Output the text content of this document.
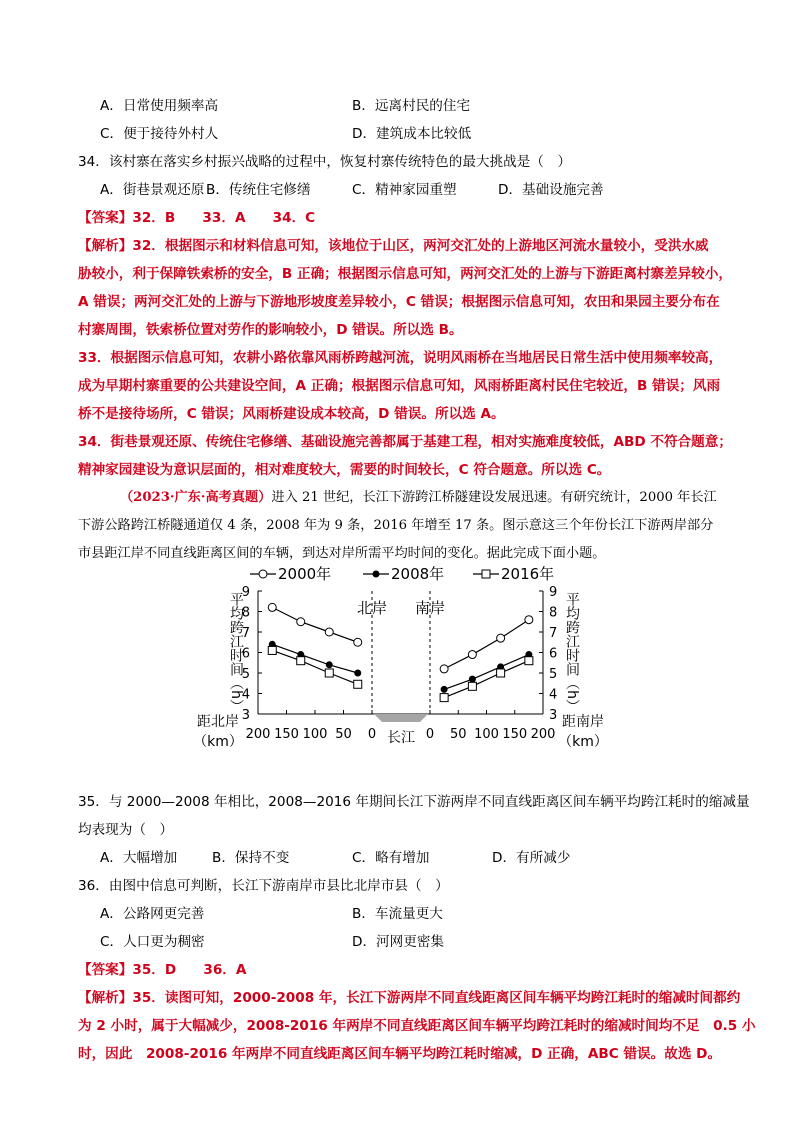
A．日常使用频率高	B．远离村民的住宅
C．便于接待外村人	D．建筑成本比较低
34．该村寨在落实乡村振兴战略的过程中，恢复村寨传统特色的最大挑战是（　）
A．街巷景观还原 B．传统住宅修缮	C．精神家园重塑	D．基础设施完善
【答案】32．B　　33．A　　34．C
【解析】32．根据图示和材料信息可知，该地位于山区，两河交汇处的上游地区河流水量较小，受洪水威
胁较小，利于保障铁索桥的安全，B 正确；根据图示信息可知，两河交汇处的上游与下游距离村寨差异较小，
A 错误；两河交汇处的上游与下游地形坡度差异较小，C 错误；根据图示信息可知，农田和果园主要分布在
村寨周围，铁索桥位置对劳作的影响较小，D 错误。所以选 B。
33．根据图示信息可知，农耕小路依靠风雨桥跨越河流，说明风雨桥在当地居民日常生活中使用频率较高，
成为早期村寨重要的公共建设空间，A 正确；根据图示信息可知，风雨桥距离村民住宅较近，B 错误；风雨
桥不是接待场所，C 错误；风雨桥建设成本较高，D 错误。所以选 A。
34．街巷景观还原、传统住宅修缮、基础设施完善都属于基建工程，相对实施难度较低，ABD 不符合题意；
精神家园建设为意识层面的，相对难度较大，需要的时间较长，C 符合题意。所以选 C。
（2023·广东·高考真题）进入 21 世纪，长江下游跨江桥隧建设发展迅速。有研究统计，2000 年长江
下游公路跨江桥隧通道仅 4 条，2008 年为 9 条，2016 年增至 17 条。图示意这三个年份长江下游两岸部分
市县距江岸不同直线距离区间的车辆，到达对岸所需平均时间的变化。据此完成下面小题。
长江
3	3
4	4
5	5
6	6
7	7
8	8
9	9
平均跨江时间（h）	平均跨江时间（h）
200 150 100 50 0	0 50 100 150 200
距北岸（km）
距南岸（km）
北岸 南岸
2000年	2008年	2016年
35．与 2000—2008 年相比，2008—2016 年期间长江下游两岸不同直线距离区间车辆平均跨江耗时的缩减量
均表现为（　）
A．大幅增加	B．保持不变	C．略有增加	D．有所减少
36．由图中信息可判断，长江下游南岸市县比北岸市县（　）
A．公路网更完善	B．车流量更大
C．人口更为稠密	D．河网更密集
【答案】35．D　　36．A
【解析】35．读图可知，2000-2008 年，长江下游两岸不同直线距离区间车辆平均跨江耗时的缩减时间都约
为 2 小时，属于大幅减少，2008-2016 年两岸不同直线距离区间车辆平均跨江耗时的缩减时间均不足　0.5 小
时，因此　2008-2016 年两岸不同直线距离区间车辆平均跨江耗时缩减，D 正确，ABC 错误。故选 D。
